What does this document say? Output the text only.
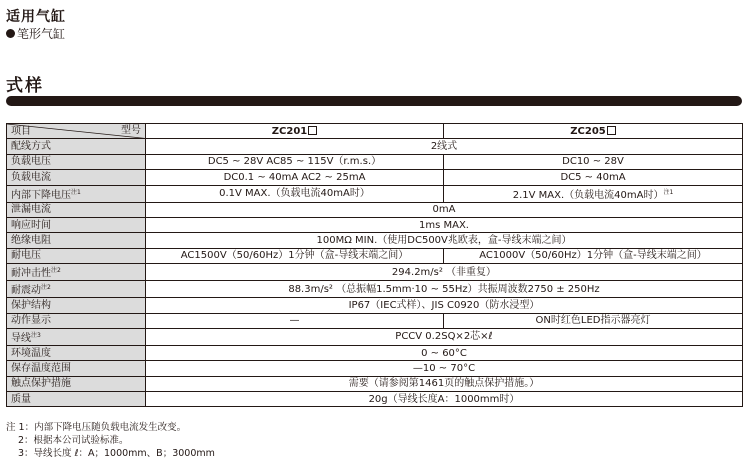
适用气缸
笔形气缸
式样
项目 型号	ZC201	ZC205
配线方式	2线式	
负载电压	DC5 ~ 28V AC85 ~ 115V（r.m.s.）	DC10 ~ 28V
负载电流	DC0.1 ~ 40mA AC2 ~ 25mA	DC5 ~ 40mA
内部下降电压$^{注1}$	0.1V MAX.（负载电流40mA时）	2.1V MAX.（负载电流40mA时）$^{注1}$
泄漏电流	0mA	
响应时间	1ms MAX.	
绝缘电阻	100MΩ MIN.（使用DC500V兆欧表，盒-导线末端之间）	
耐电压	AC1500V（50/60Hz）1分钟（盒-导线末端之间）	AC1000V（50/60Hz）1分钟（盒-导线末端之间）
耐冲击性$^{注2}$	294.2m/s² （非重复）	
耐震动$^{注2}$	88.3m/s² （总振幅1.5mm·10 ~ 55Hz）共振周波数2750 ± 250Hz	
保护结构	IP67（IEC式样）、JIS C0920（防水浸型）	
动作显示	—	ON时红色LED指示器亮灯
导线$^{注3}$	PCCV 0.2SQ×2芯×ℓ	
环境温度	0 ~ 60°C	
保存温度范围	—10 ~ 70°C	
触点保护措施	需要（请参阅第1461页的触点保护措施。）	
质量	20g（导线长度A：1000mm时）	
注 1：内部下降电压随负载电流发生改变。
2：根据本公司试验标准。
3：导线长度 ℓ：A；1000mm、B；3000mm
